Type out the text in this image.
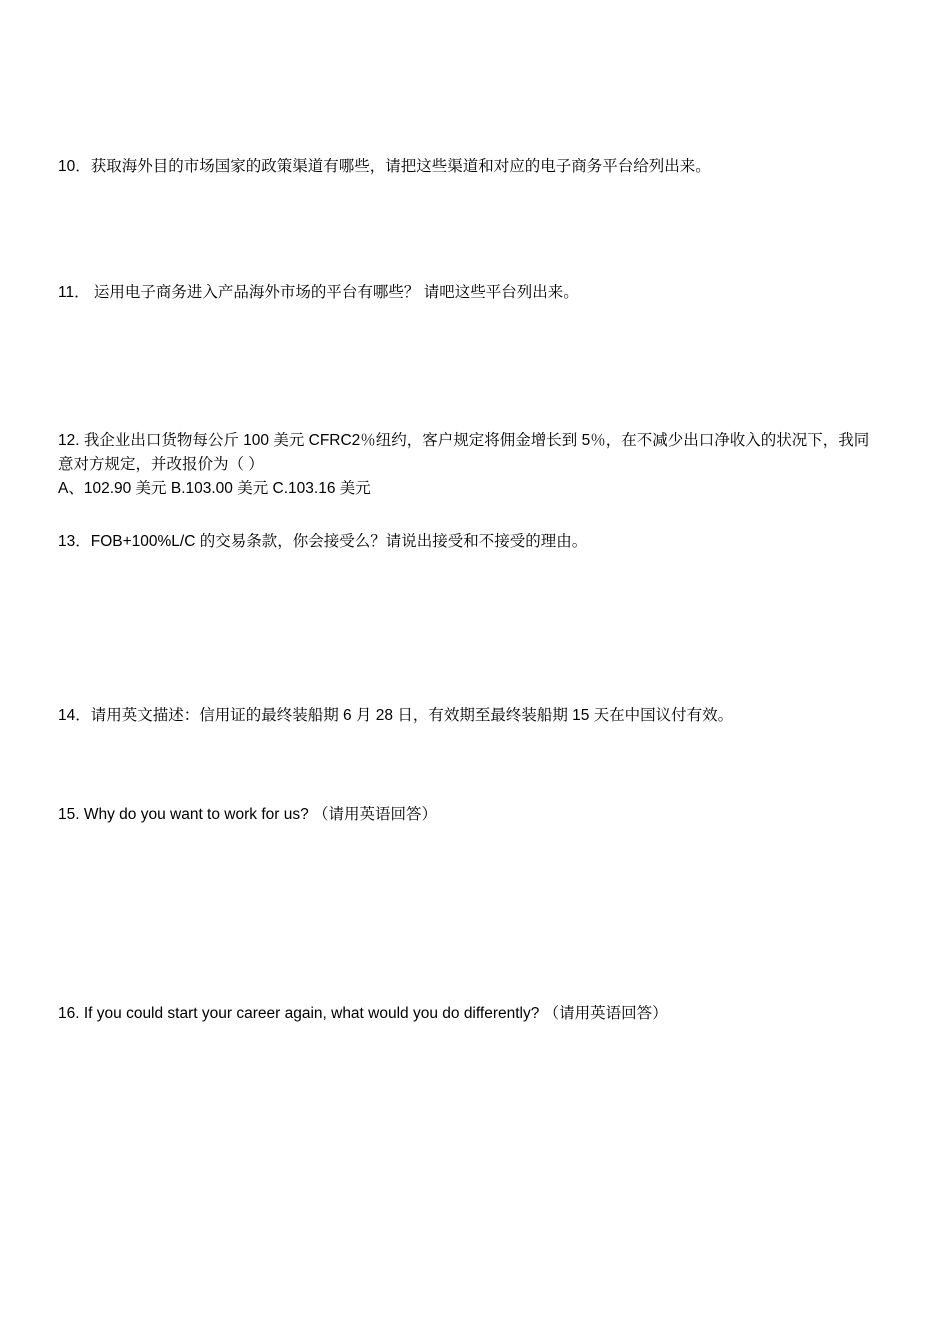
10．获取海外目的市场国家的政策渠道有哪些，请把这些渠道和对应的电子商务平台给列出来。

11． 运用电子商务进入产品海外市场的平台有哪些？ 请吧这些平台列出来。

12. 我企业出口货物每公斤 100 美元 CFRC2％纽约，客户规定将佣金增长到 5％，在不减少出口净收入的状况下，我同意对方规定，并改报价为（ ）

A、102.90 美元 B.103.00 美元 C.103.16 美元

13．FOB+100%L/C 的交易条款，你会接受么？请说出接受和不接受的理由。

14．请用英文描述：信用证的最终装船期 6 月 28 日，有效期至最终装船期 15 天在中国议付有效。

15. Why do you want to work for us? （请用英语回答）

16. If you could start your career again, what would you do differently? （请用英语回答）
